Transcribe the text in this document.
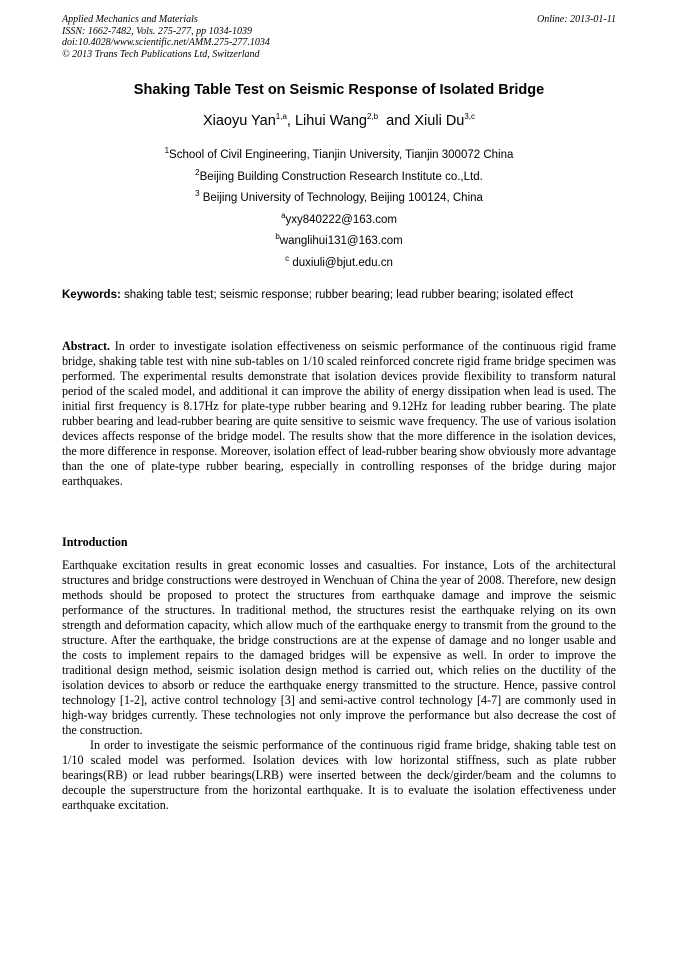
Applied Mechanics and Materials
ISSN: 1662-7482, Vols. 275-277, pp 1034-1039
doi:10.4028/www.scientific.net/AMM.275-277.1034
© 2013 Trans Tech Publications Ltd, Switzerland
Online: 2013-01-11
Shaking Table Test on Seismic Response of Isolated Bridge
Xiaoyu Yan$^{1,a}$, Lihui Wang$^{2,b}$  and Xiuli Du$^{3,c}$
$^1$School of Civil Engineering, Tianjin University, Tianjin 300072 China
$^2$Beijing Building Construction Research Institute co.,Ltd.
$^3$ Beijing University of Technology, Beijing 100124, China
$^a$yxy840222@163.com
$^b$wanglihui131@163.com
$^c$ duxiuli@bjut.edu.cn
Keywords: shaking table test; seismic response; rubber bearing; lead rubber bearing; isolated effect
Abstract. In order to investigate isolation effectiveness on seismic performance of the continuous rigid frame bridge, shaking table test with nine sub-tables on 1/10 scaled reinforced concrete rigid frame bridge specimen was performed. The experimental results demonstrate that isolation devices provide flexibility to transform natural period of the scaled model, and additional it can improve the ability of energy dissipation when lead is used. The initial first frequency is 8.17Hz for plate-type rubber bearing and 9.12Hz for leading rubber bearing. The plate rubber bearing and lead-rubber bearing are quite sensitive to seismic wave frequency. The use of various isolation devices affects response of the bridge model. The results show that the more difference in the isolation devices, the more difference in response. Moreover, isolation effect of lead-rubber bearing show obviously more advantage than the one of plate-type rubber bearing, especially in controlling responses of the bridge during major earthquakes.
Introduction

Earthquake excitation results in great economic losses and casualties. For instance, Lots of the architectural structures and bridge constructions were destroyed in Wenchuan of China the year of 2008. Therefore, new design methods should be proposed to protect the structures from earthquake damage and improve the seismic performance of the structures. In traditional method, the structures resist the earthquake relying on its own strength and deformation capacity, which allow much of the earthquake energy to transmit from the ground to the structure. After the earthquake, the bridge constructions are at the expense of damage and no longer usable and the costs to implement repairs to the damaged bridges will be expensive as well. In order to improve the traditional design method, seismic isolation design method is carried out, which relies on the ductility of the isolation devices to absorb or reduce the earthquake energy transmitted to the structure. Hence, passive control technology [1-2], active control technology [3] and semi-active control technology [4-7] are commonly used in high-way bridges currently. These technologies not only improve the performance but also decrease the cost of the construction.

In order to investigate the seismic performance of the continuous rigid frame bridge, shaking table test on 1/10 scaled model was performed. Isolation devices with low horizontal stiffness, such as plate rubber bearings(RB) or lead rubber bearings(LRB) were inserted between the deck/girder/beam and the columns to decouple the superstructure from the horizontal earthquake. It is to evaluate the isolation effectiveness under earthquake excitation.
